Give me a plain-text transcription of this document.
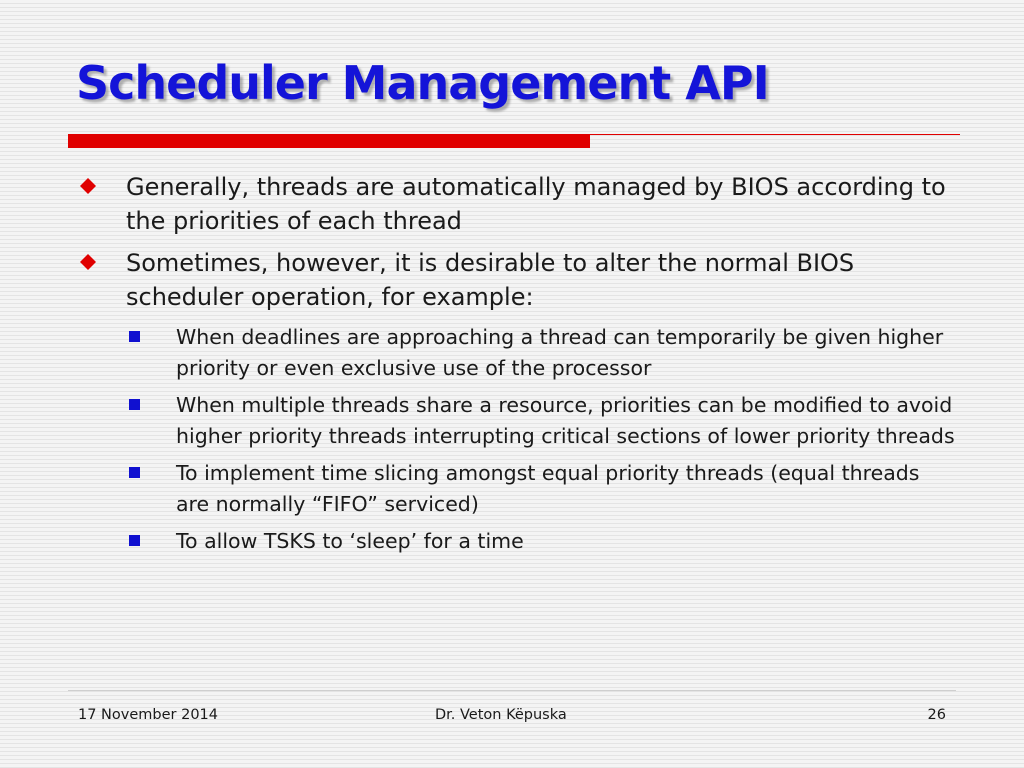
Scheduler Management API
Generally, threads are automatically managed by BIOS according to the priorities of each thread
Sometimes, however, it is desirable to alter the normal BIOS scheduler operation, for example:
When deadlines are approaching a thread can temporarily be given higher priority or even exclusive use of the processor
When multiple threads share a resource, priorities can be modified to avoid higher priority threads interrupting critical sections of lower priority threads
To implement time slicing amongst equal priority threads (equal threads are normally “FIFO” serviced)
To allow TSKS to ‘sleep’ for a time
17 November 2014	Dr. Veton Këpuska	26
